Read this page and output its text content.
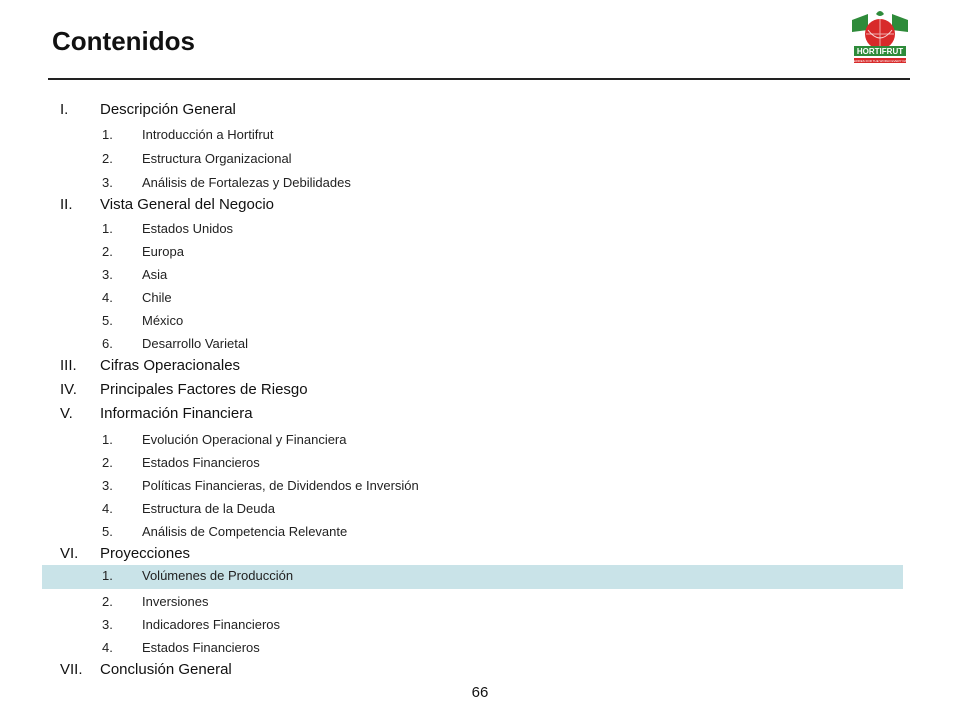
Contenidos	HORTIFRUT
BERRIES FOR THE WORLD EVERY DAY
I. Descripción General
1. Introducción a Hortifrut
2. Estructura Organizacional
3. Análisis de Fortalezas y Debilidades
II. Vista General del Negocio
1. Estados Unidos
2. Europa
3. Asia
4. Chile
5. México
6. Desarrollo Varietal
III. Cifras Operacionales
IV. Principales Factores de Riesgo
V. Información Financiera
1. Evolución Operacional y Financiera
2. Estados Financieros
3. Políticas Financieras, de Dividendos e Inversión
4. Estructura de la Deuda
5. Análisis de Competencia Relevante
VI. Proyecciones
1. Volúmenes de Producción
2. Inversiones
3. Indicadores Financieros
4. Estados Financieros
VII. Conclusión General
66
